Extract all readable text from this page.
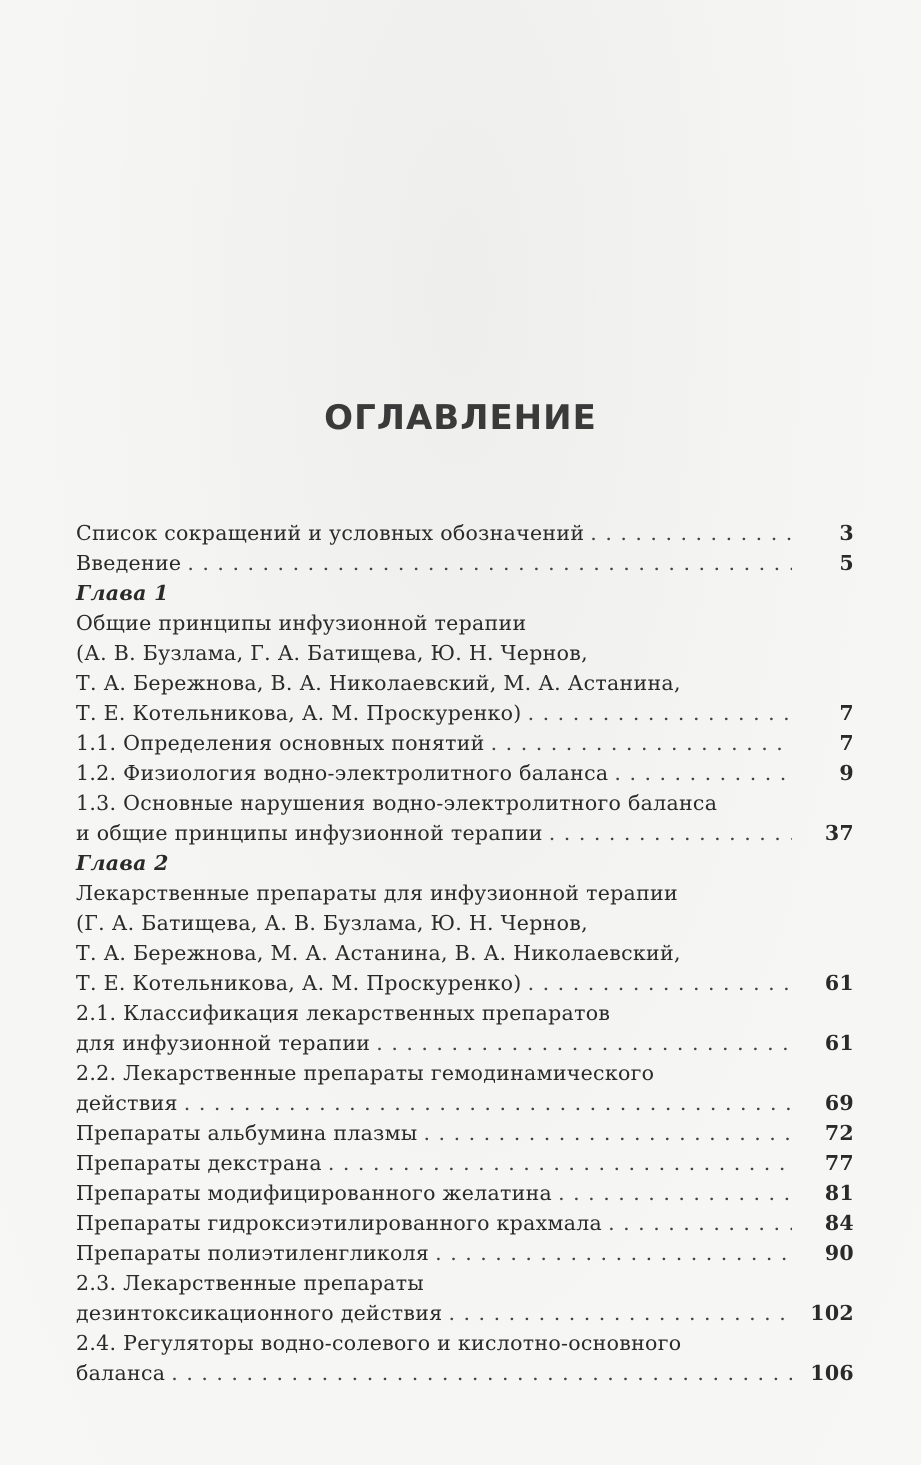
ОГЛАВЛЕНИЕ
Список сокращений и условных обозначений . . .	3
Введение . . .	5
Глава 1
Общие принципы инфузионной терапии
(А. В. Бузлама, Г. А. Батищева, Ю. Н. Чернов,
Т. А. Бережнова, В. А. Николаевский, М. А. Астанина,
Т. Е. Котельникова, А. М. Проскуренко) . . .	7
1.1. Определения основных понятий . . .	7
1.2. Физиология водно-электролитного баланса . . .	9
1.3. Основные нарушения водно-электролитного баланса
и общие принципы инфузионной терапии . . .	37
Глава 2
Лекарственные препараты для инфузионной терапии
(Г. А. Батищева, А. В. Бузлама, Ю. Н. Чернов,
Т. А. Бережнова, М. А. Астанина, В. А. Николаевский,
Т. Е. Котельникова, А. М. Проскуренко) . . .	61
2.1. Классификация лекарственных препаратов
для инфузионной терапии . . .	61
2.2. Лекарственные препараты гемодинамического
действия . . .	69
Препараты альбумина плазмы . . .	72
Препараты декстрана . . .	77
Препараты модифицированного желатина . . .	81
Препараты гидроксиэтилированного крахмала . . .	84
Препараты полиэтиленгликоля . . .	90
2.3. Лекарственные препараты
дезинтоксикационного действия . . .	102
2.4. Регуляторы водно-солевого и кислотно-основного
баланса . . .	106
